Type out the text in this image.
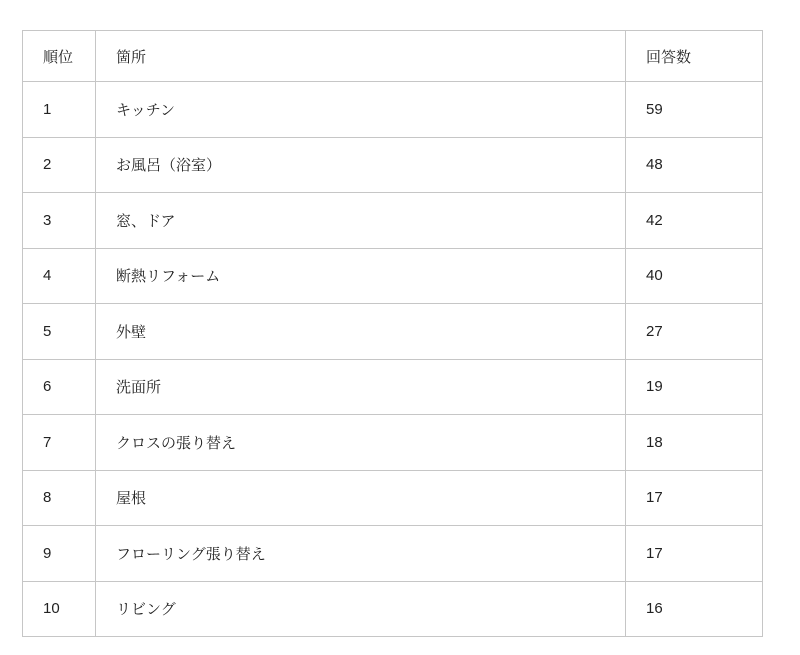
順位	箇所	回答数
1	キッチン	59
2	お風呂（浴室）	48
3	窓、ドア	42
4	断熱リフォーム	40
5	外壁	27
6	洗面所	19
7	クロスの張り替え	18
8	屋根	17
9	フローリング張り替え	17
10	リビング	16
